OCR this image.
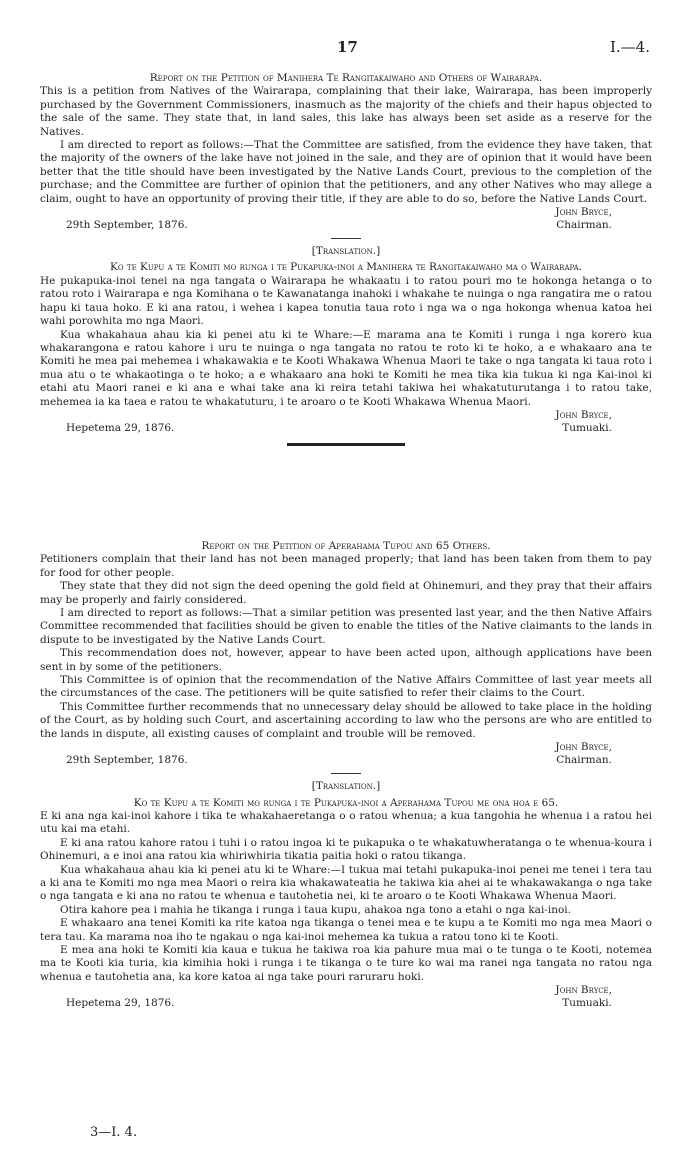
17	I.—4.

Report on the Petition of Manihera Te Rangitakaiwaho and Others of Wairarapa.

This is a petition from Natives of the Wairarapa, complaining that their lake, Wairarapa, has been improperly purchased by the Government Commissioners, inasmuch as the majority of the chiefs and their hapus objected to the sale of the same. They state that, in land sales, this lake has always been set aside as a reserve for the Natives.

I am directed to report as follows:—That the Committee are satisfied, from the evidence they have taken, that the majority of the owners of the lake have not joined in the sale, and they are of opinion that it would have been better that the title should have been investigated by the Native Lands Court, previous to the completion of the purchase; and the Committee are further of opinion that the petitioners, and any other Natives who may allege a claim, ought to have an opportunity of proving their title, if they are able to do so, before the Native Lands Court.

John Bryce,
29th September, 1876.	Chairman.

[Translation.]

Ko te Kupu a te Komiti mo runga i te Pukapuka-inoi a Manihera te Rangitakaiwaho ma o Wairarapa.

He pukapuka-inoi tenei na nga tangata o Wairarapa he whakaatu i to ratou pouri mo te hokonga hetanga o to ratou roto i Wairarapa e nga Komihana o te Kawanatanga inahoki i whakahe te nuinga o nga rangatira me o ratou hapu ki taua hoko. E ki ana ratou, i wehea i kapea tonutia taua roto i nga wa o nga hokonga whenua katoa hei wahi porowhita mo nga Maori.

Kua whakahaua ahau kia ki penei atu ki te Whare:—E marama ana te Komiti i runga i nga korero kua whakarangona e ratou kahore i uru te nuinga o nga tangata no ratou te roto ki te hoko, a e whakaaro ana te Komiti he mea pai mehemea i whakawakia e te Kooti Whakawa Whenua Maori te take o nga tangata ki taua roto i mua atu o te whakaotinga o te hoko; a e whakaaro ana hoki te Komiti he mea tika kia tukua ki nga Kai-inoi ki etahi atu Maori ranei e ki ana e whai take ana ki reira tetahi takiwa hei whakatuturutanga i to ratou take, mehemea ia ka taea e ratou te whakatuturu, i te aroaro o te Kooti Whakawa Whenua Maori.

John Bryce,
Hepetema 29, 1876.	Tumuaki.

Report on the Petition of Aperahama Tupou and 65 Others.

Petitioners complain that their land has not been managed properly; that land has been taken from them to pay for food for other people.

They state that they did not sign the deed opening the gold field at Ohinemuri, and they pray that their affairs may be properly and fairly considered.

I am directed to report as follows:—That a similar petition was presented last year, and the then Native Affairs Committee recommended that facilities should be given to enable the titles of the Native claimants to the lands in dispute to be investigated by the Native Lands Court.

This recommendation does not, however, appear to have been acted upon, although applications have been sent in by some of the petitioners.

This Committee is of opinion that the recommendation of the Native Affairs Committee of last year meets all the circumstances of the case. The petitioners will be quite satisfied to refer their claims to the Court.

This Committee further recommends that no unnecessary delay should be allowed to take place in the holding of the Court, as by holding such Court, and ascertaining according to law who the persons are who are entitled to the lands in dispute, all existing causes of complaint and trouble will be removed.

John Bryce,
29th September, 1876.	Chairman.

[Translation.]

Ko te Kupu a te Komiti mo runga i te Pukapuka-inoi a Aperahama Tupou me ona hoa e 65.

E ki ana nga kai-inoi kahore i tika te whakahaeretanga o o ratou whenua; a kua tangohia he whenua i a ratou hei utu kai ma etahi.

E ki ana ratou kahore ratou i tuhi i o ratou ingoa ki te pukapuka o te whakatuwheratanga o te whenua-koura i Ohinemuri, a e inoi ana ratou kia whiriwhiria tikatia paitia hoki o ratou tikanga.

Kua whakahaua ahau kia ki penei atu ki te Whare:—I tukua mai tetahi pukapuka-inoi penei me tenei i tera tau a ki ana te Komiti mo nga mea Maori o reira kia whakawateatia he takiwa kia ahei ai te whakawakanga o nga take o nga tangata e ki ana no ratou te whenua e tautohetia nei, ki te aroaro o te Kooti Whakawa Whenua Maori.

Otira kahore pea i mahia he tikanga i runga i taua kupu, ahakoa nga tono a etahi o nga kai-inoi.

E whakaaro ana tenei Komiti ka rite katoa nga tikanga o tenei mea e te kupu a te Komiti mo nga mea Maori o tera tau. Ka marama noa iho te ngakau o nga kai-inoi mehemea ka tukua a ratou tono ki te Kooti.

E mea ana hoki te Komiti kia kaua e tukua he takiwa roa kia pahure mua mai o te tunga o te Kooti, notemea ma te Kooti kia turia, kia kimihia hoki i runga i te tikanga o te ture ko wai ma ranei nga tangata no ratou nga whenua e tautohetia ana, ka kore katoa ai nga take pouri raruraru hoki.

John Bryce,
Hepetema 29, 1876.	Tumuaki.
3—I. 4.
